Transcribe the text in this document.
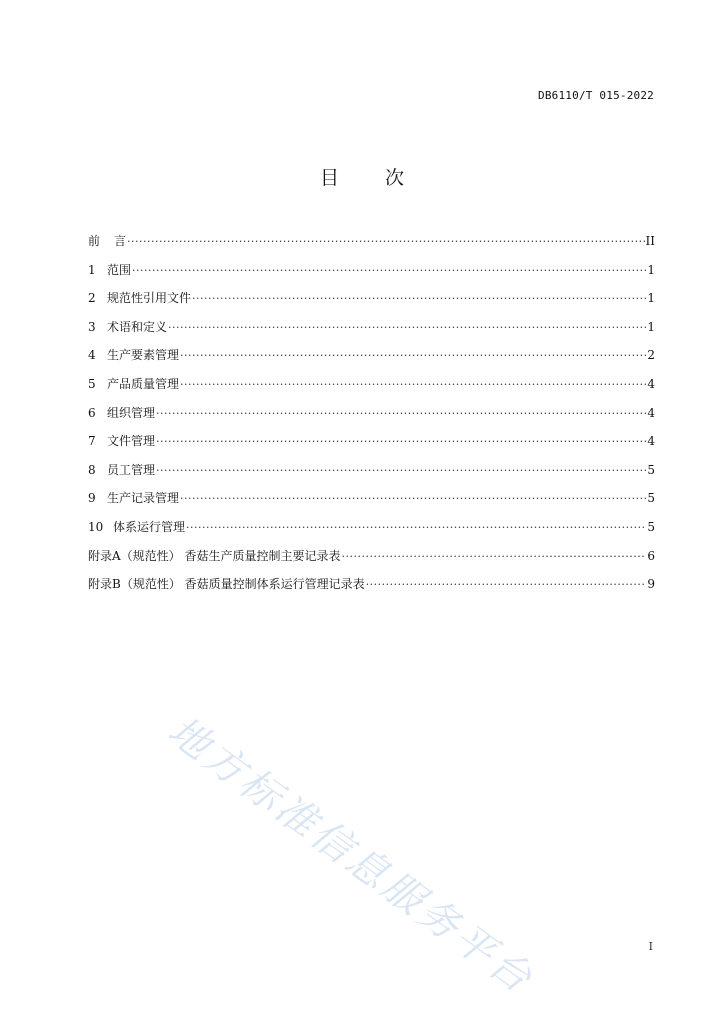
DB6110/T 015-2022
目 次
前	言 ·····	II
1 范围 ·····	1
2 规范性引用文件 ·····	1
3 术语和定义 ·····	1
4 生产要素管理 ·····	2
5 产品质量管理 ·····	4
6 组织管理 ·····	4
7 文件管理 ·····	4
8 员工管理 ·····	5
9 生产记录管理 ·····	5
10 体系运行管理 ·····	5
附录A（规范性） 香菇生产质量控制主要记录表 ·····	6
附录B（规范性） 香菇质量控制体系运行管理记录表 ·····	9
地方标准信息服务平台	I
